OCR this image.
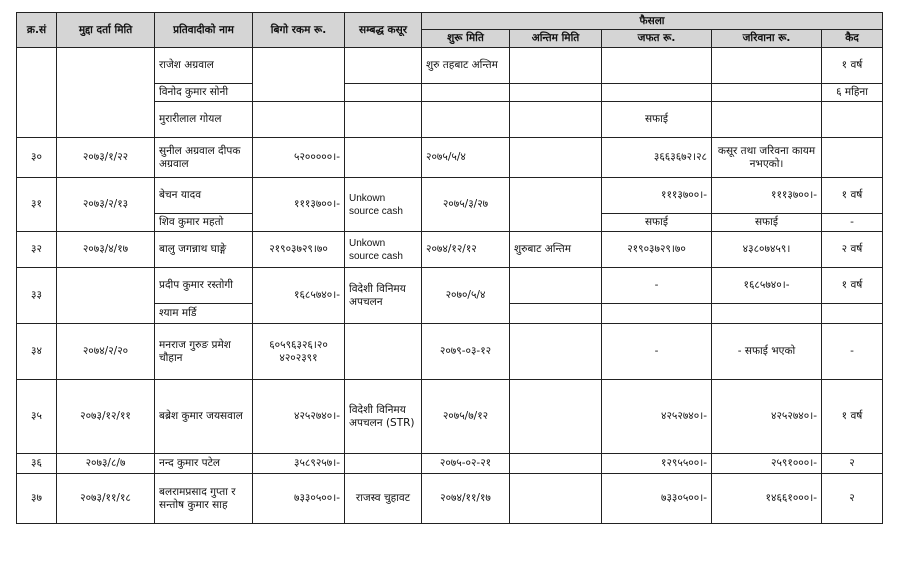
क्र.सं	मुद्दा दर्ता मिति	प्रतिवादीको नाम	बिगो रकम रू.	सम्बद्ध कसूर	फैसला				
					शुरू मिति	अन्तिम मिति	जफत रू.	जरिवाना रू.	कैद
		राजेश अग्रवाल			शुरु तहबाट अन्तिम				१ वर्ष
		विनोद कुमार सोनी							६ महिना
		मुरारीलाल गोयल					सफाई		
३०	२०७३/१/२२	सुनील अग्रवाल दीपक अग्रवाल	५२०००००।-		२०७५/५/४		३६६३६७२।२८	कसूर तथा जरिवना कायम नभएको।	
३१	२०७३/२/१३	बेचन यादव	१११३७००।-	Unkown source cash	२०७५/३/२७		१११३७००।-	१११३७००।-	१ वर्ष
		शिव कुमार महतो					सफाई	सफाई	-
३२	२०७३/४/१७	बालु जगन्नाथ घाङ्गे	२१९०३७२९।७०	Unkown source cash	२०७४/१२/१२	शुरुबाट अन्तिम	२१९०३७२९।७०	४३८०७४५९।	२ वर्ष
३३		प्रदीप कुमार रस्तोगी	१६८५७४०।-	विदेशी विनिमय अपचलन	२०७०/५/४		-	१६८५७४०।-	१ वर्ष
		श्याम मर्डि							
३४	२०७४/२/२०	मनराज गुरुङ प्रमेश चौहान	६०५९६३२६।२० ४२०२३९१		२०७९-०३-१२		-	- सफाई भएको	-
३५	२०७३/१२/११	बब्रेश कुमार जयसवाल	४२५२७४०।-	विदेशी विनिमय अपचलन (STR)	२०७५/७/१२		४२५२७४०।-	४२५२७४०।-	१ वर्ष
३६	२०७३/८/७	नन्द कुमार पटेल	३५८९२५७।-		२०७५-०२-२१		१२९५५००।-	२५९१०००।-	२
३७	२०७३/११/१८	बलरामप्रसाद गुप्ता र सन्तोष कुमार साह	७३३०५००।-	राजस्व चुहावट	२०७४/११/१७		७३३०५००।-	१४६६१०००।-	२
